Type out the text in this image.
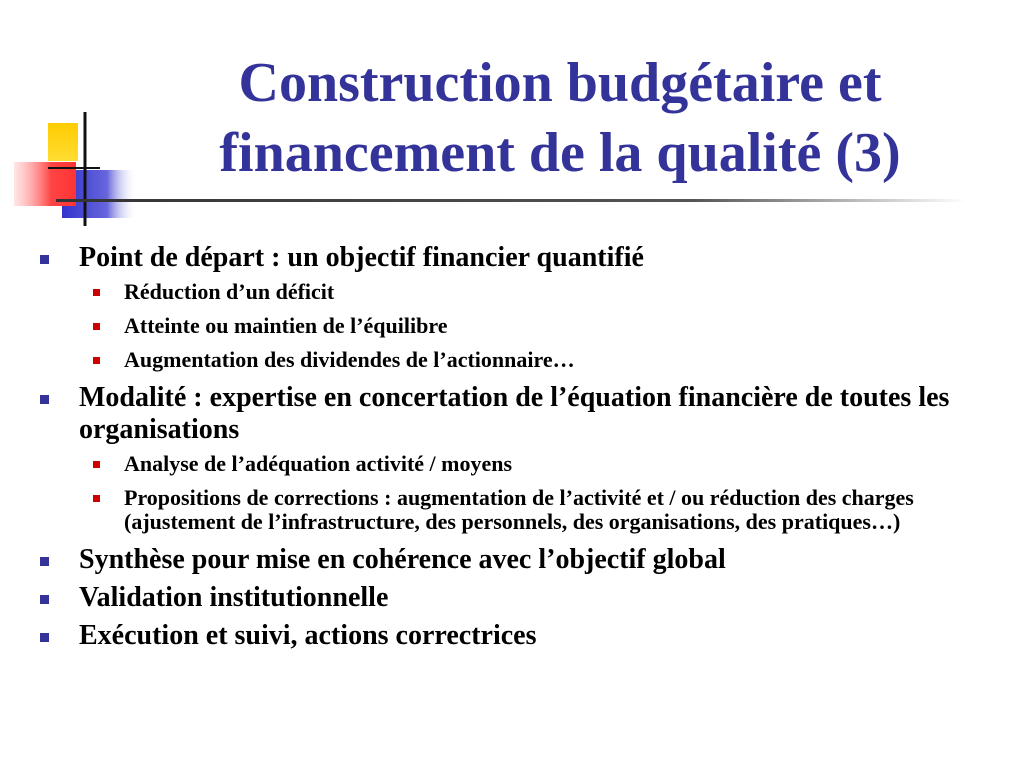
Construction budgétaire et
financement de la qualité (3)
Point de départ : un objectif financier quantifié
Réduction d’un déficit
Atteinte ou maintien de l’équilibre
Augmentation des dividendes de l’actionnaire…
Modalité : expertise en concertation de l’équation financière de toutes les organisations
Analyse de l’adéquation activité / moyens
Propositions de corrections : augmentation de l’activité et / ou réduction des charges (ajustement de l’infrastructure, des personnels, des organisations, des pratiques…)
Synthèse pour mise en cohérence avec l’objectif global
Validation institutionnelle
Exécution et suivi, actions correctrices
